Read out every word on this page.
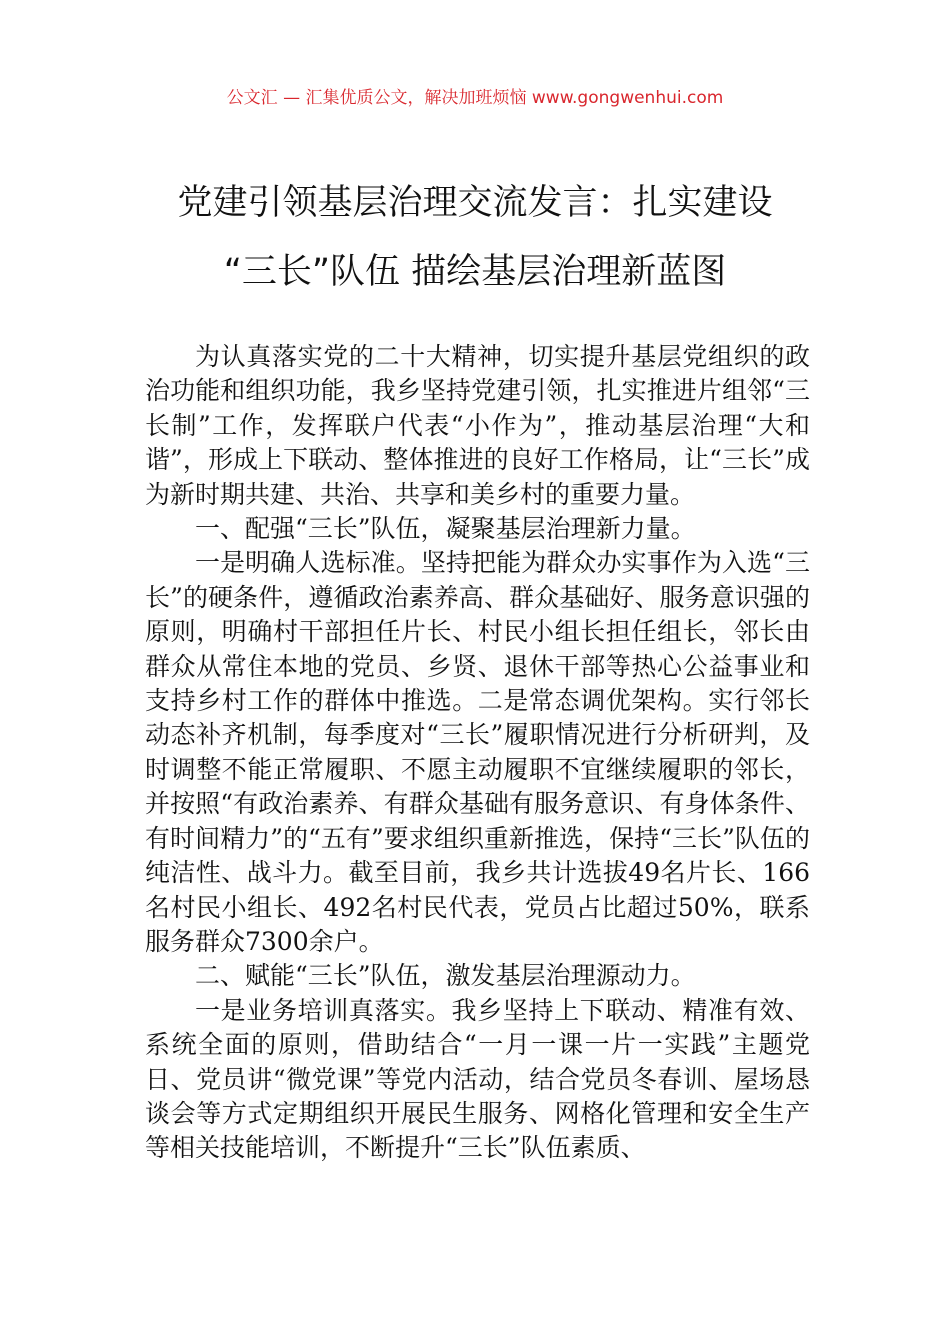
公文汇 — 汇集优质公文，解决加班烦恼 www.gongwenhui.com
党建引领基层治理交流发言：扎实建设
“三长”队伍 描绘基层治理新蓝图

为认真落实党的二十大精神，切实提升基层党组织的政治功能和组织功能，我乡坚持党建引领，扎实推进片组邻“三长制”工作，发挥联户代表“小作为”，推动基层治理“大和谐”，形成上下联动、整体推进的良好工作格局，让“三长”成为新时期共建、共治、共享和美乡村的重要力量。

一、配强“三长”队伍，凝聚基层治理新力量。

一是明确人选标准。坚持把能为群众办实事作为入选“三长”的硬条件，遵循政治素养高、群众基础好、服务意识强的原则，明确村干部担任片长、村民小组长担任组长，邻长由群众从常住本地的党员、乡贤、退休干部等热心公益事业和支持乡村工作的群体中推选。二是常态调优架构。实行邻长动态补齐机制，每季度对“三长”履职情况进行分析研判，及时调整不能正常履职、不愿主动履职不宜继续履职的邻长，并按照“有政治素养、有群众基础有服务意识、有身体条件、有时间精力”的“五有”要求组织重新推选，保持“三长”队伍的纯洁性、战斗力。截至目前，我乡共计选拔49名片长、166名村民小组长、492名村民代表，党员占比超过50%，联系服务群众7300余户。

二、赋能“三长”队伍，激发基层治理源动力。

一是业务培训真落实。我乡坚持上下联动、精准有效、系统全面的原则，借助结合“一月一课一片一实践”主题党日、党员讲“微党课”等党内活动，结合党员冬春训、屋场恳谈会等方式定期组织开展民生服务、网格化管理和安全生产等相关技能培训，不断提升“三长”队伍素质、
